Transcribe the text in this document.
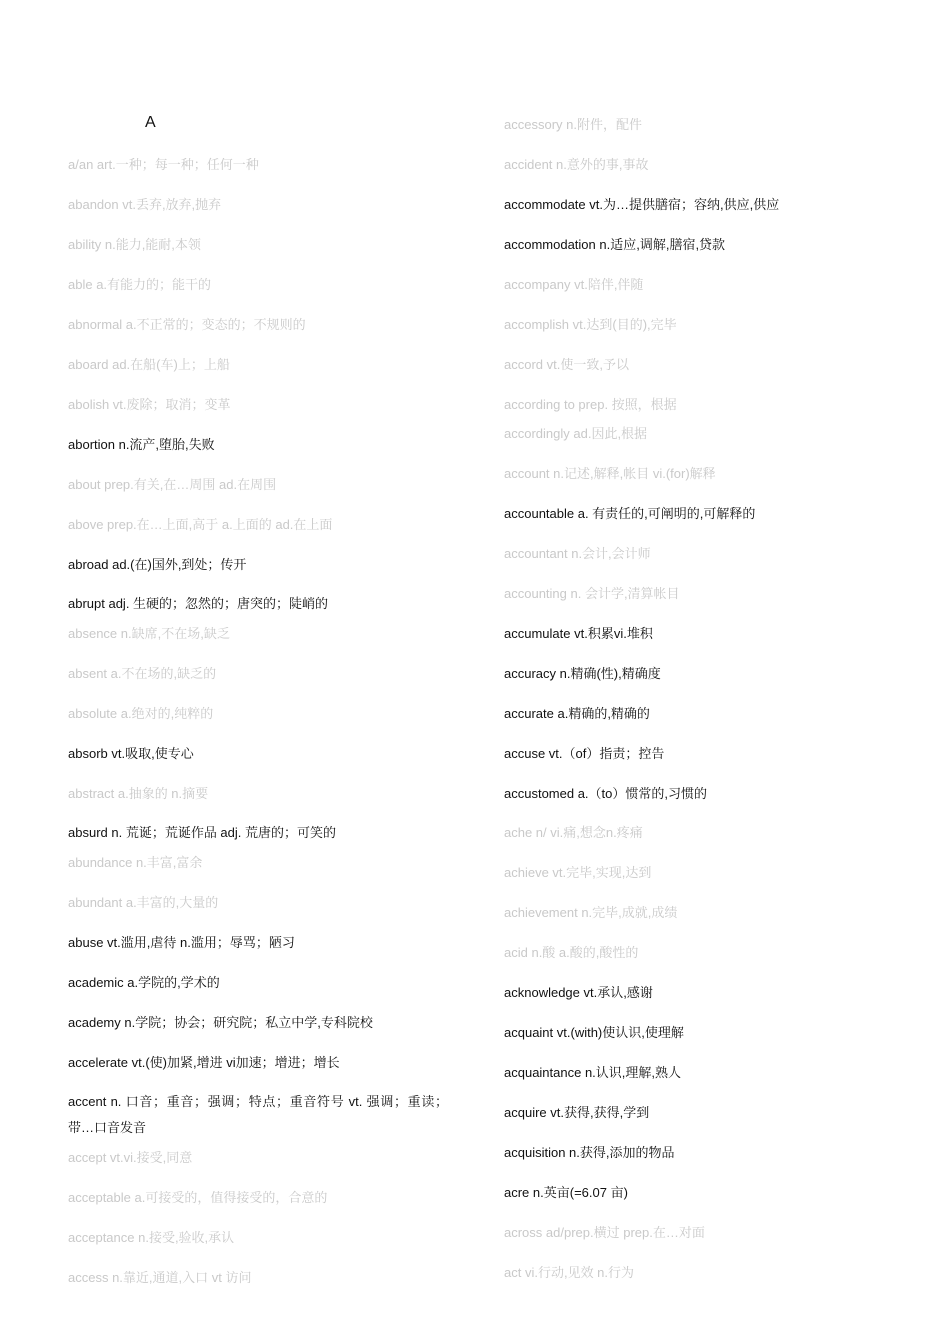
A
a/an art.一种；每一种；任何一种
abandon vt.丢弃,放弃,抛弃
ability n.能力,能耐,本领
able a.有能力的；能干的
abnormal a.不正常的；变态的；不规则的
aboard ad.在船(车)上；上船
abolish vt.废除；取消；变革
abortion n.流产,堕胎,失败
about prep.有关,在…周围 ad.在周围
above prep.在…上面,高于 a.上面的 ad.在上面
abroad ad.(在)国外,到处；传开
abrupt adj. 生硬的；忽然的；唐突的；陡峭的
absence n.缺席,不在场,缺乏
absent a.不在场的,缺乏的
absolute a.绝对的,纯粹的
absorb vt.吸取,使专心
abstract a.抽象的 n.摘要
absurd n. 荒诞；荒诞作品 adj. 荒唐的；可笑的
abundance n.丰富,富余
abundant a.丰富的,大量的
abuse vt.滥用,虐待 n.滥用；辱骂；陋习
academic a.学院的,学术的
academy n.学院；协会；研究院；私立中学,专科院校
accelerate vt.(使)加紧,增进 vi加速；增进；增长
accent n. 口音；重音；强调；特点；重音符号 vt. 强调；重读；带…口音发音
accept vt.vi.接受,同意
acceptable a.可接受的，值得接受的，合意的
acceptance n.接受,验收,承认
access n.靠近,通道,入口 vt 访问
accessory n.附件，配件
accident n.意外的事,事故
accommodate vt.为…提供膳宿；容纳,供应,供应
accommodation n.适应,调解,膳宿,贷款
accompany vt.陪伴,伴随
accomplish vt.达到(目的),完毕
accord vt.使一致,予以
according to prep. 按照，根据
accordingly ad.因此,根据
account n.记述,解释,帐目 vi.(for)解释
accountable a. 有责任的,可阐明的,可解释的
accountant n.会计,会计师
accounting n. 会计学,清算帐目
accumulate vt.积累vi.堆积
accuracy n.精确(性),精确度
accurate a.精确的,精确的
accuse vt.（of）指责；控告
accustomed a.（to）惯常的,习惯的
ache n/ vi.痛,想念n.疼痛
achieve vt.完毕,实现,达到
achievement n.完毕,成就,成绩
acid n.酸 a.酸的,酸性的
acknowledge vt.承认,感谢
acquaint vt.(with)使认识,使理解
acquaintance n.认识,理解,熟人
acquire vt.获得,获得,学到
acquisition n.获得,添加的物品
acre n.英亩(=6.07 亩)
across ad/prep.横过 prep.在…对面
act vi.行动,见效 n.行为
